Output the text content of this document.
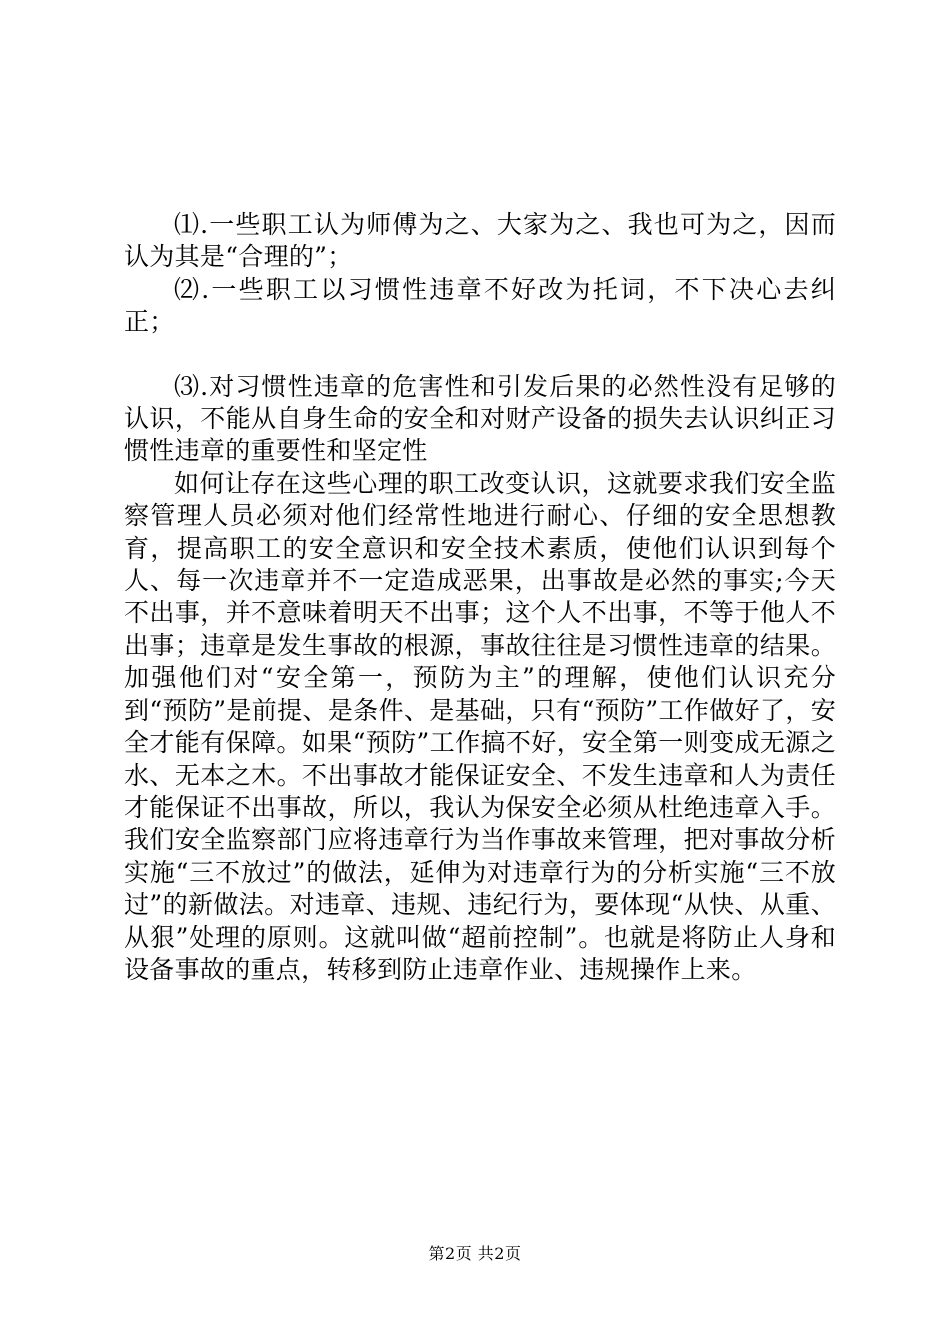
⑴.一些职工认为师傅为之、大家为之、我也可为之，因而认为其是“合理的”；

⑵.一些职工以习惯性违章不好改为托词，不下决心去纠正；

⑶.对习惯性违章的危害性和引发后果的必然性没有足够的认识，不能从自身生命的安全和对财产设备的损失去认识纠正习惯性违章的重要性和坚定性

如何让存在这些心理的职工改变认识，这就要求我们安全监察管理人员必须对他们经常性地进行耐心、仔细的安全思想教育，提高职工的安全意识和安全技术素质，使他们认识到每个人、每一次违章并不一定造成恶果，出事故是必然的事实;今天不出事，并不意味着明天不出事；这个人不出事，不等于他人不出事；违章是发生事故的根源，事故往往是习惯性违章的结果。加强他们对“安全第一，预防为主”的理解，使他们认识充分到“预防”是前提、是条件、是基础，只有“预防”工作做好了，安全才能有保障。如果“预防”工作搞不好，安全第一则变成无源之水、无本之木。不出事故才能保证安全、不发生违章和人为责任才能保证不出事故，所以，我认为保安全必须从杜绝违章入手。我们安全监察部门应将违章行为当作事故来管理，把对事故分析实施“三不放过”的做法，延伸为对违章行为的分析实施“三不放过”的新做法。对违章、违规、违纪行为，要体现“从快、从重、从狠”处理的原则。这就叫做“超前控制”。也就是将防止人身和设备事故的重点，转移到防止违章作业、违规操作上来。

第2页 共2页
